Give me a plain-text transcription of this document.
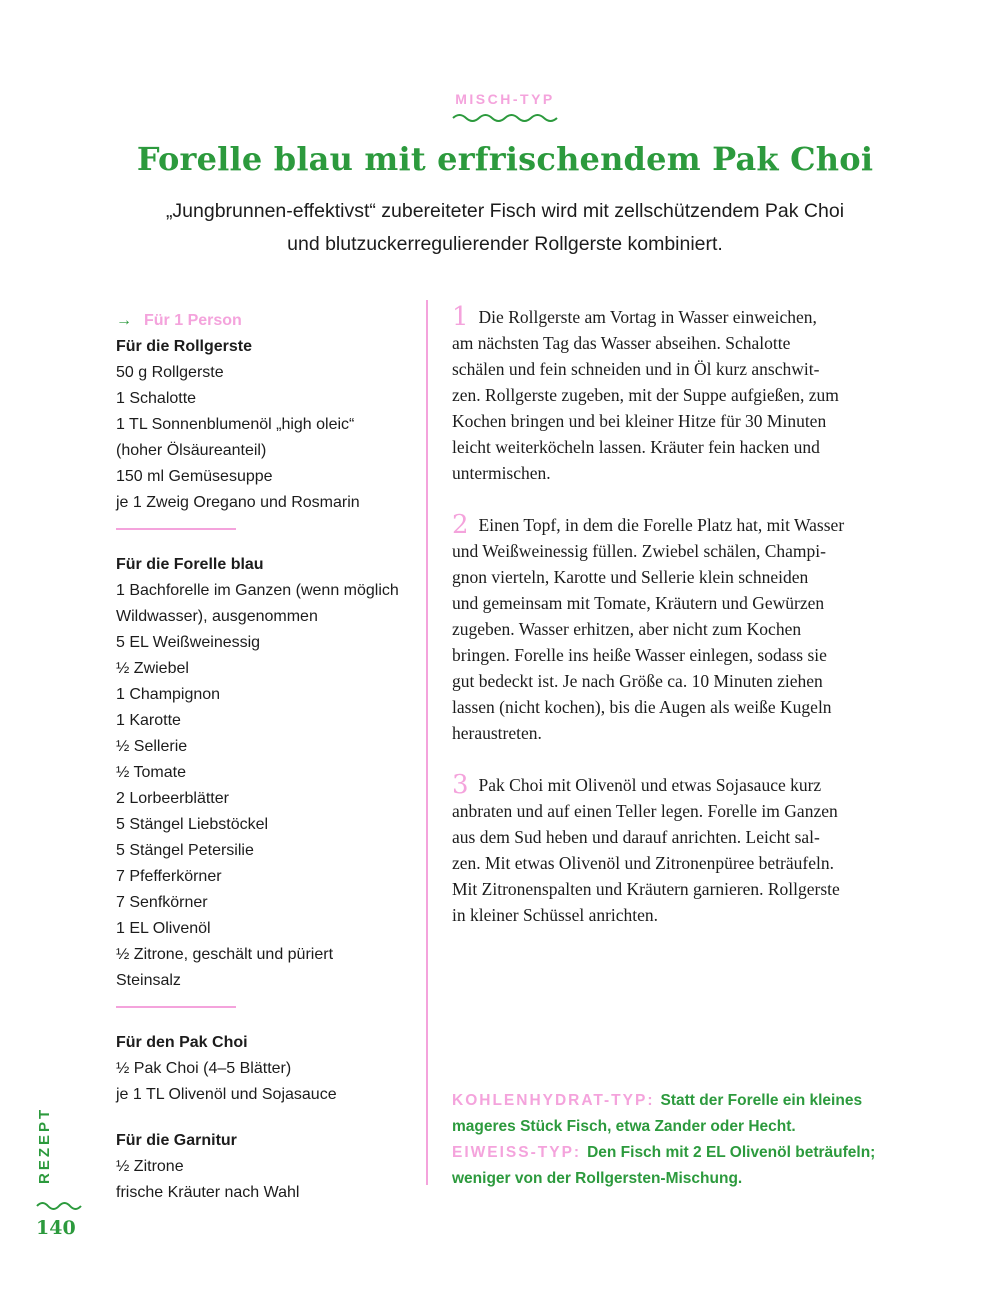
MISCH-TYP
Forelle blau mit erfrischendem Pak Choi

„Jungbrunnen-effektivst“ zubereiteter Fisch wird mit zellschützendem Pak Choi
und blutzuckerregulierender Rollgerste kombiniert.

→ Für 1 Person
Für die Rollgerste
50 g Rollgerste
1 Schalotte
1 TL Sonnenblumenöl „high oleic“
(hoher Ölsäureanteil)
150 ml Gemüsesuppe
je 1 Zweig Oregano und Rosmarin
Für die Forelle blau
1 Bachforelle im Ganzen (wenn möglich
Wildwasser), ausgenommen
5 EL Weißweinessig
½ Zwiebel
1 Champignon
1 Karotte
½ Sellerie
½ Tomate
2 Lorbeerblätter
5 Stängel Liebstöckel
5 Stängel Petersilie
7 Pfefferkörner
7 Senfkörner
1 EL Olivenöl
½ Zitrone, geschält und püriert
Steinsalz
Für den Pak Choi
½ Pak Choi (4–5 Blätter)
je 1 TL Olivenöl und Sojasauce
Für die Garnitur
½ Zitrone
frische Kräuter nach Wahl
1 Die Rollgerste am Vortag in Wasser einweichen,
am nächsten Tag das Wasser abseihen. Schalotte
schälen und fein schneiden und in Öl kurz anschwit-
zen. Rollgerste zugeben, mit der Suppe aufgießen, zum
Kochen bringen und bei kleiner Hitze für 30 Minuten
leicht weiterköcheln lassen. Kräuter fein hacken und
untermischen.
2 Einen Topf, in dem die Forelle Platz hat, mit Wasser
und Weißweinessig füllen. Zwiebel schälen, Champi-
gnon vierteln, Karotte und Sellerie klein schneiden
und gemeinsam mit Tomate, Kräutern und Gewürzen
zugeben. Wasser erhitzen, aber nicht zum Kochen
bringen. Forelle ins heiße Wasser einlegen, sodass sie
gut bedeckt ist. Je nach Größe ca. 10 Minuten ziehen
lassen (nicht kochen), bis die Augen als weiße Kugeln
heraustreten.
3 Pak Choi mit Olivenöl und etwas Sojasauce kurz
anbraten und auf einen Teller legen. Forelle im Ganzen
aus dem Sud heben und darauf anrichten. Leicht sal-
zen. Mit etwas Olivenöl und Zitronenpüree beträufeln.
Mit Zitronenspalten und Kräutern garnieren. Rollgerste
in kleiner Schüssel anrichten.
KOHLENHYDRAT-TYP: Statt der Forelle ein kleines
mageres Stück Fisch, etwa Zander oder Hecht.
EIWEISS-TYP: Den Fisch mit 2 EL Olivenöl beträufeln;
weniger von der Rollgersten-Mischung.
REZEPT
140
